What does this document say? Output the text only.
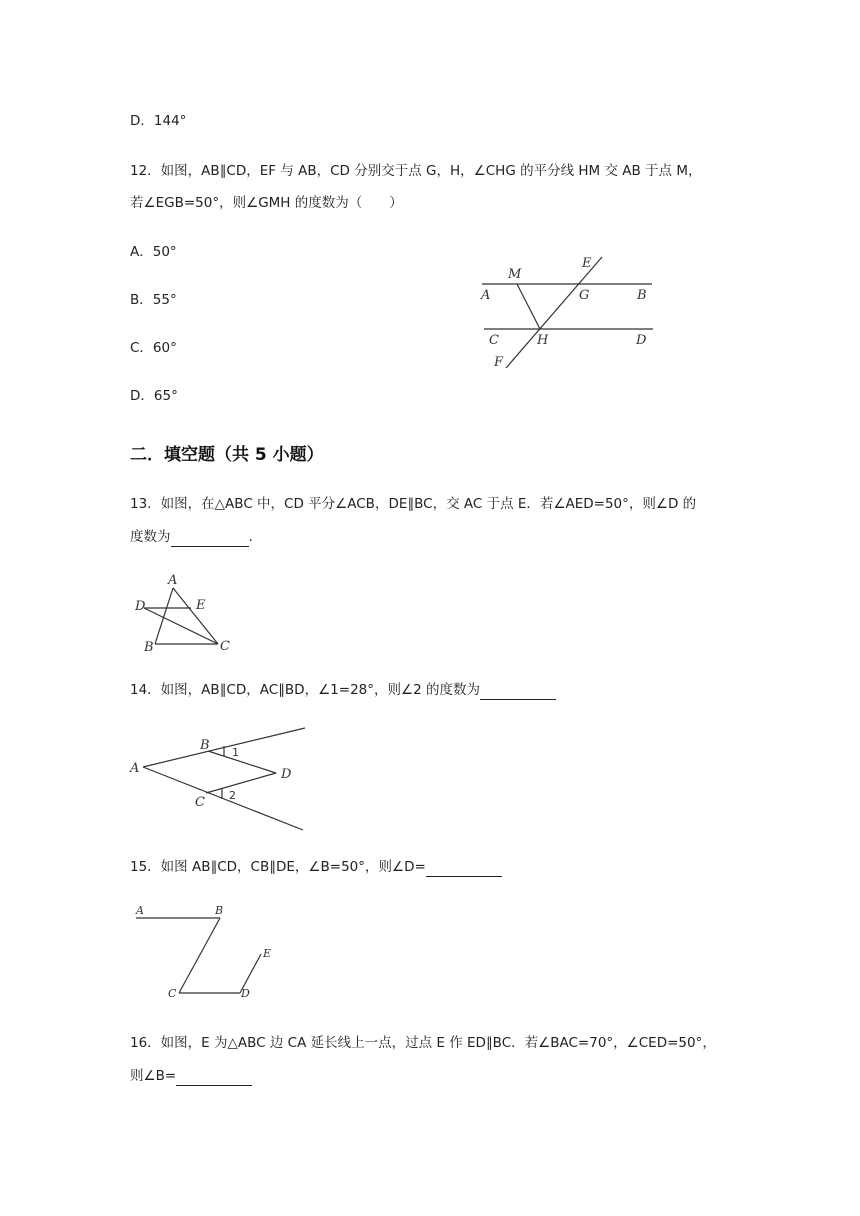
D．144°
12．如图，AB∥CD，EF 与 AB，CD 分别交于点 G，H，∠CHG 的平分线 HM 交 AB 于点 M，
若∠EGB=50°，则∠GMH 的度数为（　　）
A．50°
B．55°
C．60°
D．65°
E
M
A	G	B
C	H	D
F
二．填空题（共 5 小题）
13．如图，在△ABC 中，CD 平分∠ACB，DE∥BC，交 AC 于点 E．若∠AED=50°，则∠D 的
度数为	.
A
D	E
B	C
14．如图，AB∥CD，AC∥BD，∠1=28°，则∠2 的度数为
A
B
D
C
1
2
15．如图 AB∥CD，CB∥DE，∠B=50°，则∠D=
A	B
E
C	D
16．如图，E 为△ABC 边 CA 延长线上一点，过点 E 作 ED∥BC．若∠BAC=70°，∠CED=50°，
则∠B=
